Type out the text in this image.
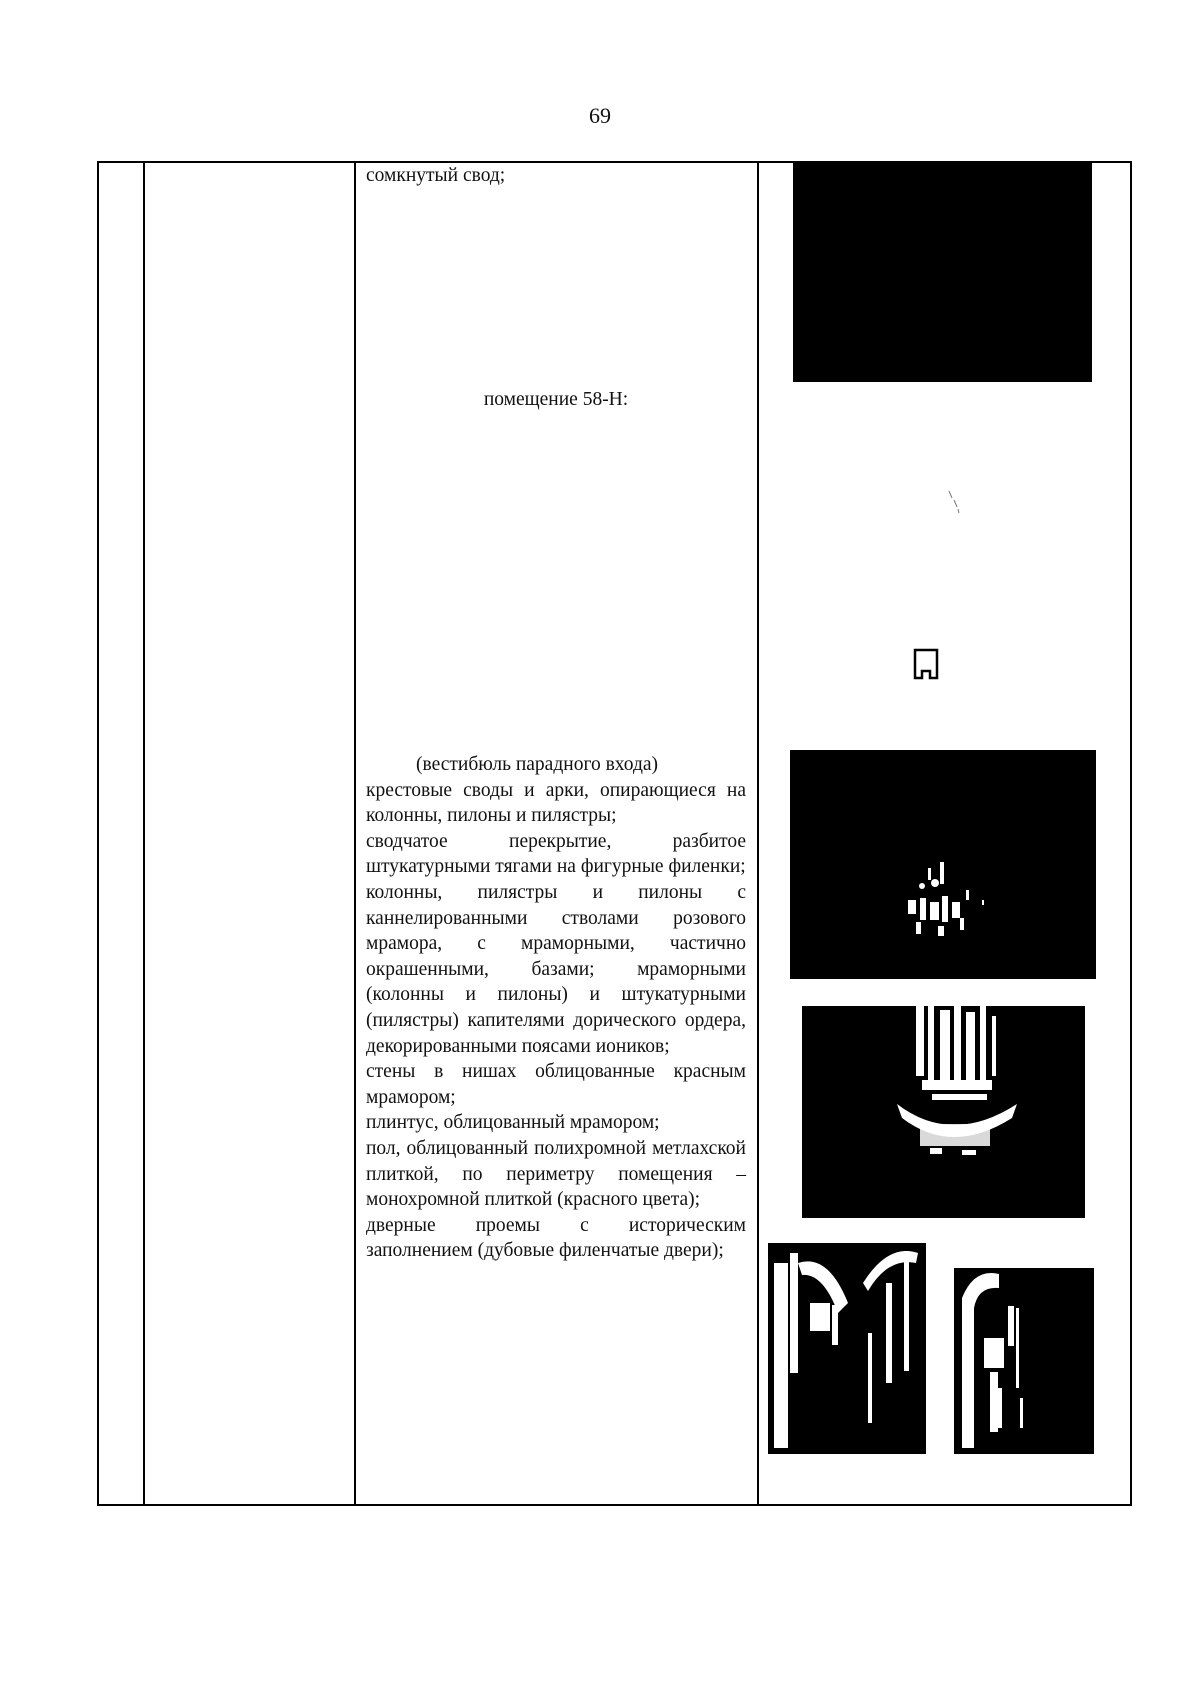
69

сомкнутый свод;

помещение 58-Н:

(вестибюль парадного входа)

крестовые своды и арки, опирающиеся на колонны, пилоны и пилястры;

сводчатое перекрытие, разбитое штукатурными тягами на фигурные филенки;

колонны, пилястры и пилоны с каннелированными стволами розового мрамора, с мраморными, частично окрашенными, базами; мраморными (колонны и пилоны) и штукатурными (пилястры) капителями дорического ордера, декорированными поясами иоников;

стены в нишах облицованные красным мрамором;

плинтус, облицованный мрамором;

пол, облицованный полихромной метлахской плиткой, по периметру помещения – монохромной плиткой (красного цвета);

дверные проемы с историческим заполнением (дубовые филенчатые двери);
